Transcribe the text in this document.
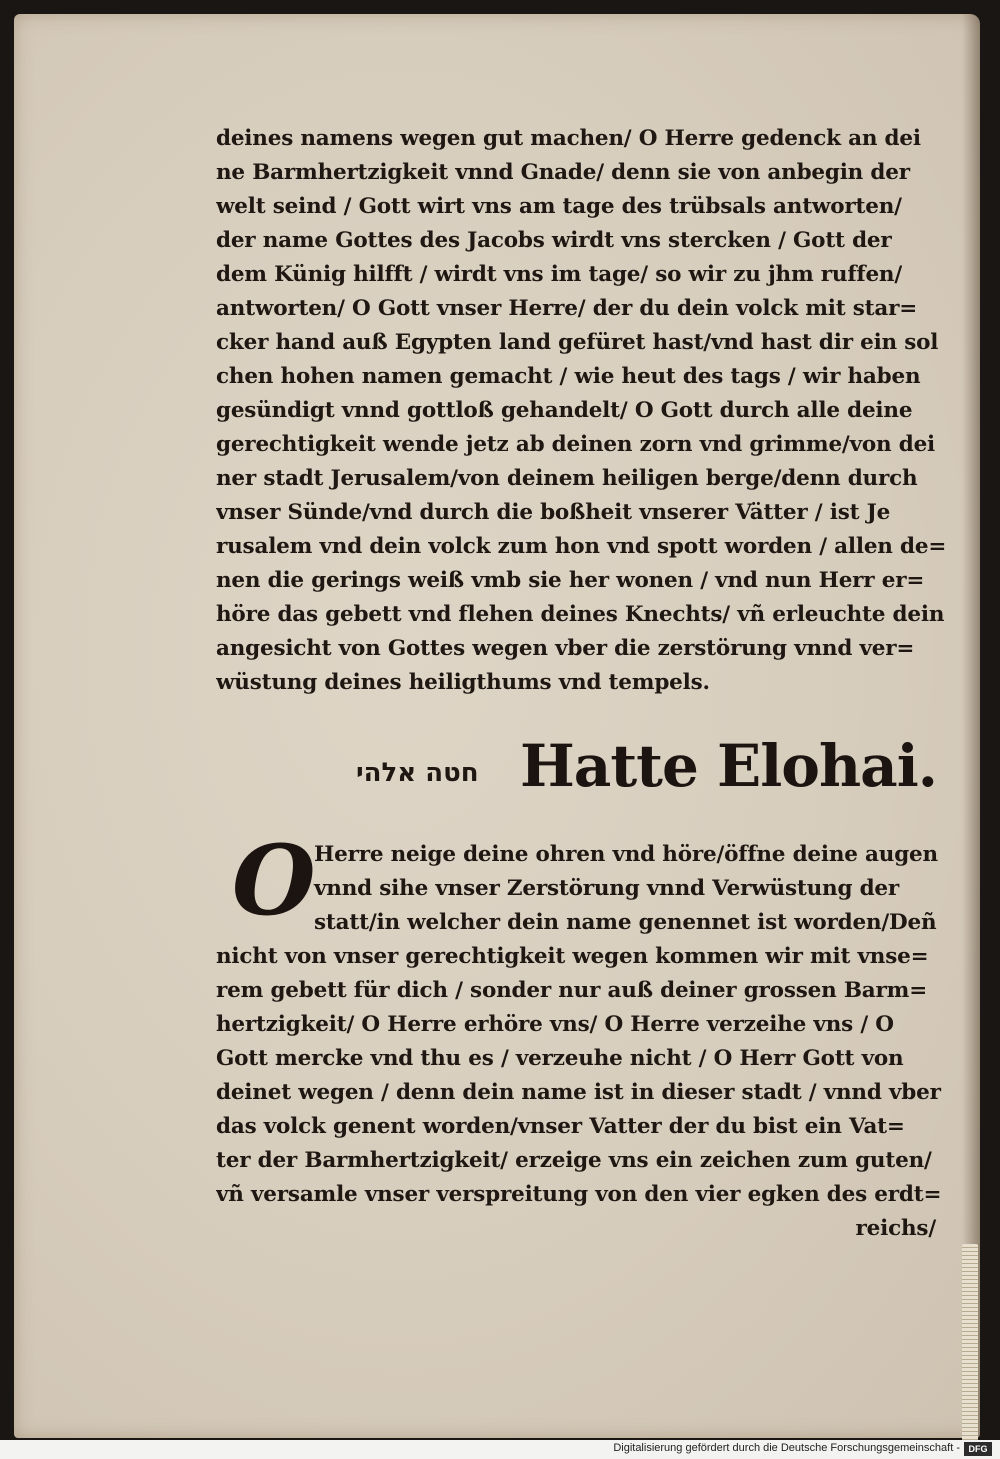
deines namens wegen gut machen/ O Herre gedenck an dei
ne Barmhertzigkeit vnnd Gnade/ denn sie von anbegin der
welt seind / Gott wirt vns am tage des trübsals antworten/
der name Gottes des Jacobs wirdt vns stercken / Gott der
dem Künig hilfft / wirdt vns im tage/ so wir zu jhm ruffen/
antworten/ O Gott vnser Herre/ der du dein volck mit star=
cker hand auß Egypten land gefüret hast/vnd hast dir ein sol
chen hohen namen gemacht / wie heut des tags / wir haben
gesündigt vnnd gottloß gehandelt/ O Gott durch alle deine
gerechtigkeit wende jetz ab deinen zorn vnd grimme/von dei
ner stadt Jerusalem/von deinem heiligen berge/denn durch
vnser Sünde/vnd durch die boßheit vnserer Vätter / ist Je
rusalem vnd dein volck zum hon vnd spott worden / allen de=
nen die gerings weiß vmb sie her wonen / vnd nun Herr er=
höre das gebett vnd flehen deines Knechts/ vñ erleuchte dein
angesicht von Gottes wegen vber die zerstörung vnnd ver=
wüstung deines heiligthums vnd tempels.
חטה אלהי Hatte Elohai.
O
Herre neige deine ohren vnd höre/öffne deine augen
vnnd sihe vnser Zerstörung vnnd Verwüstung der
statt/in welcher dein name genennet ist worden/Deñ
nicht von vnser gerechtigkeit wegen kommen wir mit vnse=
rem gebett für dich / sonder nur auß deiner grossen Barm=
hertzigkeit/ O Herre erhöre vns/ O Herre verzeihe vns / O
Gott mercke vnd thu es / verzeuhe nicht / O Herr Gott von
deinet wegen / denn dein name ist in dieser stadt / vnnd vber
das volck genent worden/vnser Vatter der du bist ein Vat=
ter der Barmhertzigkeit/ erzeige vns ein zeichen zum guten/
vñ versamle vnser verspreitung von den vier egken des erdt=
reichs/
Digitalisierung gefördert durch die Deutsche Forschungsgemeinschaft - DFG
